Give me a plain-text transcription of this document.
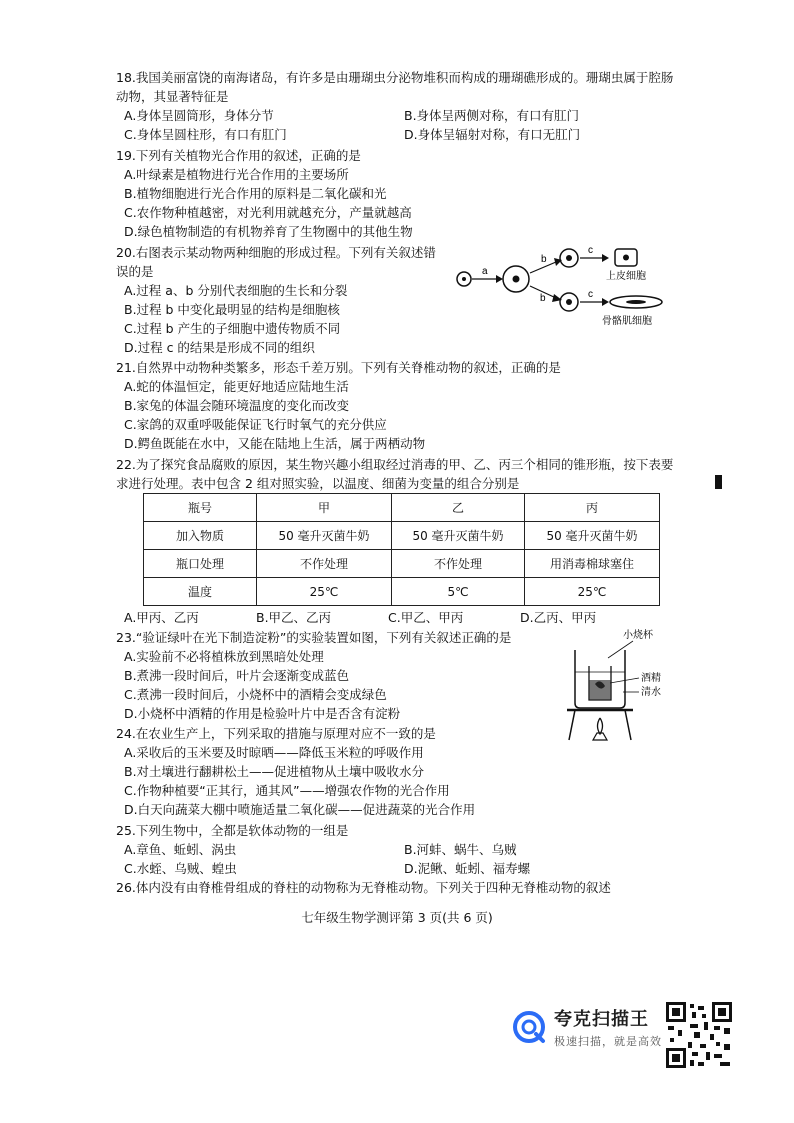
18.我国美丽富饶的南海诸岛，有许多是由珊瑚虫分泌物堆积而构成的珊瑚礁形成的。珊瑚虫属于腔肠动物，其显著特征是
A.身体呈圆筒形，身体分节	B.身体呈两侧对称，有口有肛门
C.身体呈圆柱形，有口有肛门	D.身体呈辐射对称，有口无肛门
19.下列有关植物光合作用的叙述，正确的是
A.叶绿素是植物进行光合作用的主要场所
B.植物细胞进行光合作用的原料是二氧化碳和光
C.农作物种植越密，对光利用就越充分，产量就越高
D.绿色植物制造的有机物养育了生物圈中的其他生物
20.右图表示某动物两种细胞的形成过程。下列有关叙述错误的是
A.过程 a、b 分别代表细胞的生长和分裂
B.过程 b 中变化最明显的结构是细胞核
C.过程 b 产生的子细胞中遗传物质不同
D.过程 c 的结果是形成不同的组织
a
b
b
c
c
上皮细胞
骨骼肌细胞
21.自然界中动物种类繁多，形态千差万别。下列有关脊椎动物的叙述，正确的是
A.蛇的体温恒定，能更好地适应陆地生活
B.家兔的体温会随环境温度的变化而改变
C.家鸽的双重呼吸能保证飞行时氧气的充分供应
D.鳄鱼既能在水中，又能在陆地上生活，属于两栖动物
22.为了探究食品腐败的原因，某生物兴趣小组取经过消毒的甲、乙、丙三个相同的锥形瓶，按下表要求进行处理。表中包含 2 组对照实验，以温度、细菌为变量的组合分别是
瓶号	甲	乙	丙
加入物质	50 毫升灭菌牛奶	50 毫升灭菌牛奶	50 毫升灭菌牛奶
瓶口处理	不作处理	不作处理	用消毒棉球塞住
温度	25℃	5℃	25℃
A.甲丙、乙丙	B.甲乙、乙丙	C.甲乙、甲丙	D.乙丙、甲丙
23.“验证绿叶在光下制造淀粉”的实验装置如图，下列有关叙述正确的是
A.实验前不必将植株放到黑暗处处理
B.煮沸一段时间后，叶片会逐渐变成蓝色
C.煮沸一段时间后，小烧杯中的酒精会变成绿色
D.小烧杯中酒精的作用是检验叶片中是否含有淀粉
小烧杯
酒精
清水
24.在农业生产上，下列采取的措施与原理对应不一致的是
A.采收后的玉米要及时晾晒——降低玉米粒的呼吸作用
B.对土壤进行翻耕松土——促进植物从土壤中吸收水分
C.作物种植要“正其行，通其风”——增强农作物的光合作用
D.白天向蔬菜大棚中喷施适量二氧化碳——促进蔬菜的光合作用
25.下列生物中，全都是软体动物的一组是
A.章鱼、蚯蚓、涡虫	B.河蚌、蜗牛、乌贼
C.水蛭、乌贼、蝗虫	D.泥鳅、蚯蚓、福寿螺
26.体内没有由脊椎骨组成的脊柱的动物称为无脊椎动物。下列关于四种无脊椎动物的叙述
七年级生物学测评第 3 页(共 6 页)
夸克扫描王
极速扫描，就是高效
